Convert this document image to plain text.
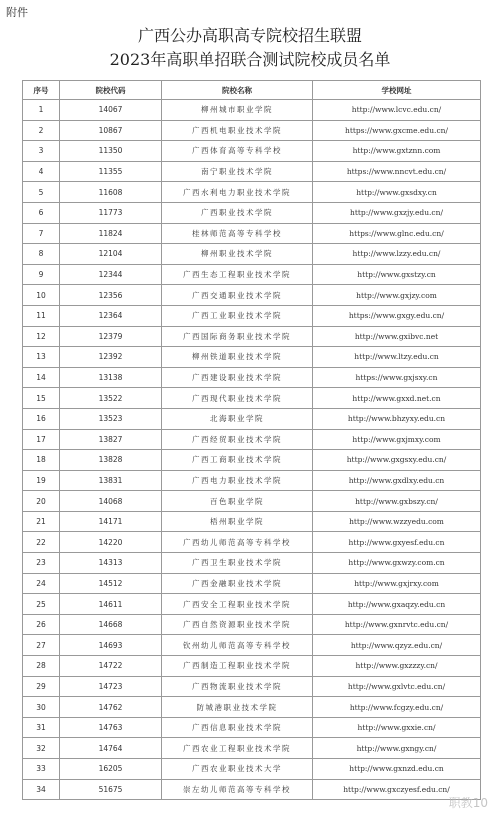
附件
广西公办高职高专院校招生联盟
2023年高职单招联合测试院校成员名单
序号	院校代码	院校名称	学校网址
1	14067	柳州城市职业学院	http://www.lcvc.edu.cn/
2	10867	广西机电职业技术学院	https://www.gxcme.edu.cn/
3	11350	广西体育高等专科学校	http://www.gxtznn.com
4	11355	南宁职业技术学院	https://www.nncvt.edu.cn/
5	11608	广西水利电力职业技术学院	http://www.gxsdxy.cn
6	11773	广西职业技术学院	http://www.gxzjy.edu.cn/
7	11824	桂林师范高等专科学校	https://www.glnc.edu.cn/
8	12104	柳州职业技术学院	http://www.lzzy.edu.cn/
9	12344	广西生态工程职业技术学院	http://www.gxstzy.cn
10	12356	广西交通职业技术学院	http://www.gxjzy.com
11	12364	广西工业职业技术学院	https://www.gxgy.edu.cn/
12	12379	广西国际商务职业技术学院	http://www.gxibvc.net
13	12392	柳州铁道职业技术学院	http://www.ltzy.edu.cn
14	13138	广西建设职业技术学院	https://www.gxjsxy.cn
15	13522	广西现代职业技术学院	http://www.gxxd.net.cn
16	13523	北海职业学院	http://www.bhzyxy.edu.cn
17	13827	广西经贸职业技术学院	http://www.gxjmxy.com
18	13828	广西工商职业技术学院	http://www.gxgsxy.edu.cn/
19	13831	广西电力职业技术学院	http://www.gxdlxy.edu.cn
20	14068	百色职业学院	http://www.gxbszy.cn/
21	14171	梧州职业学院	http://www.wzzyedu.com
22	14220	广西幼儿师范高等专科学校	http://www.gxyesf.edu.cn
23	14313	广西卫生职业技术学院	http://www.gxwzy.com.cn
24	14512	广西金融职业技术学院	http://www.gxjrxy.com
25	14611	广西安全工程职业技术学院	http://www.gxaqzy.edu.cn
26	14668	广西自然资源职业技术学院	http://www.gxnrvtc.edu.cn/
27	14693	钦州幼儿师范高等专科学校	http://www.qzyz.edu.cn/
28	14722	广西制造工程职业技术学院	http://www.gxzzzy.cn/
29	14723	广西物流职业技术学院	http://www.gxlvtc.edu.cn/
30	14762	防城港职业技术学院	http://www.fcgzy.edu.cn/
31	14763	广西信息职业技术学院	http://www.gxxie.cn/
32	14764	广西农业工程职业技术学院	http://www.gxngy.cn/
33	16205	广西农业职业技术大学	http://www.gxnzd.edu.cn
34	51675	崇左幼儿师范高等专科学校	http://www.gxczyesf.edu.cn/
职教10
